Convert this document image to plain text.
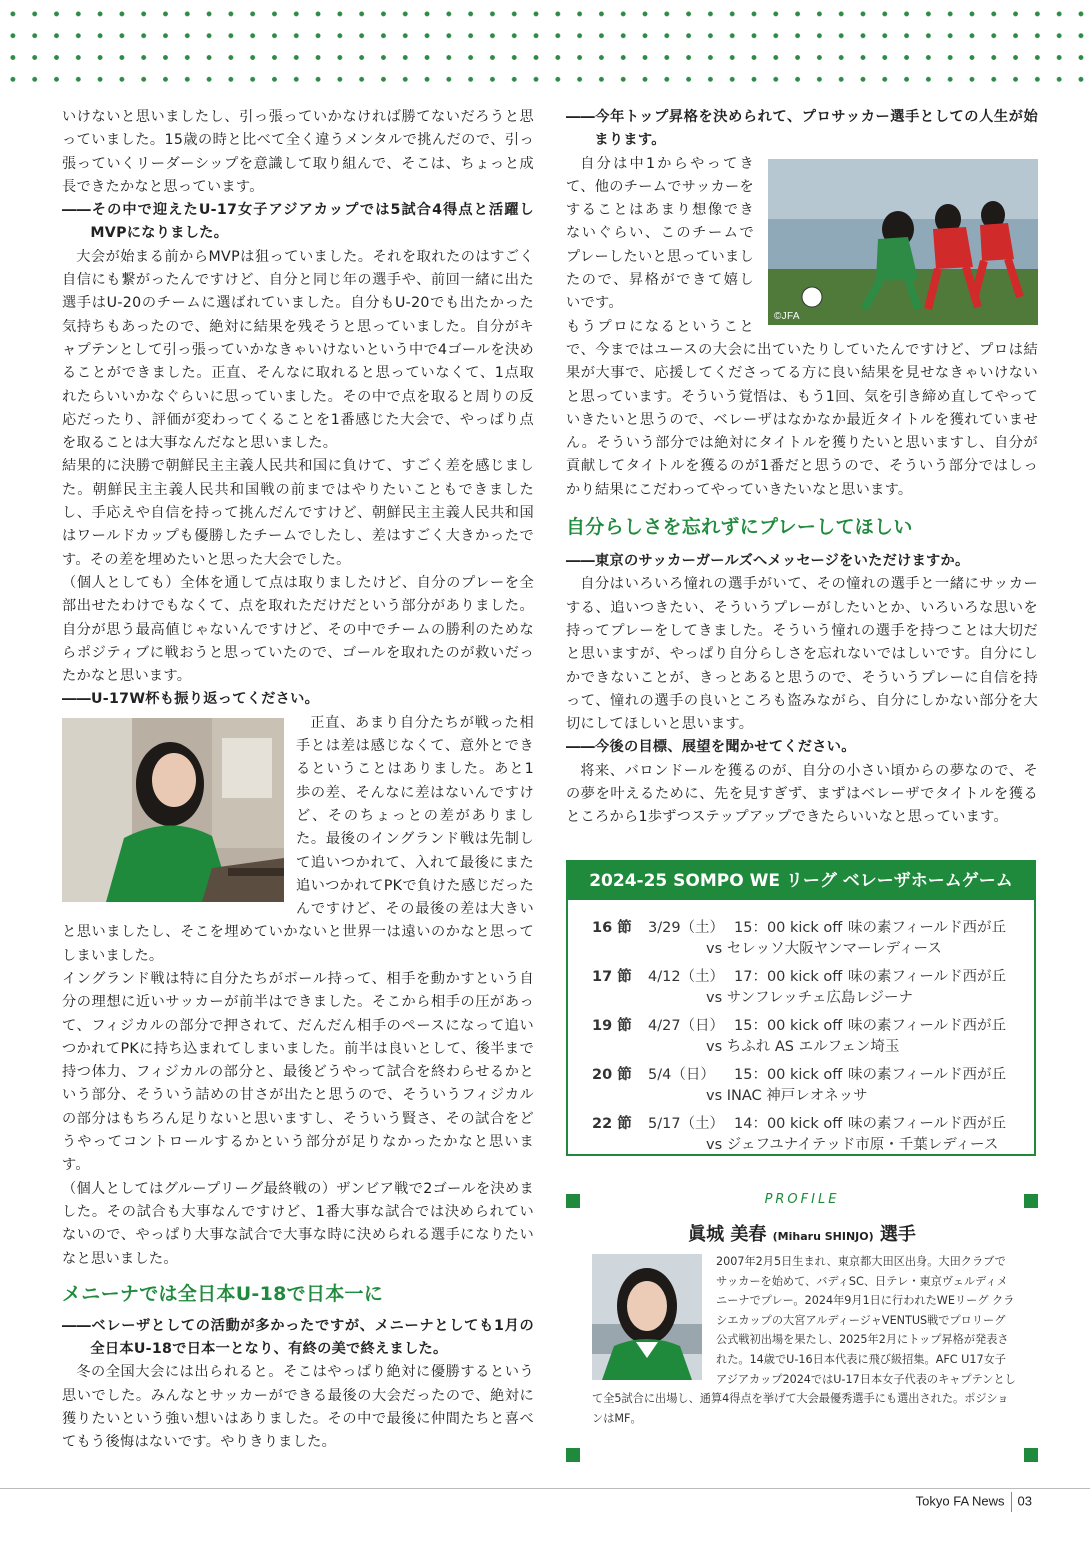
いけないと思いましたし、引っ張っていかなければ勝てないだろうと思っていました。15歳の時と比べて全く違うメンタルで挑んだので、引っ張っていくリーダーシップを意識して取り組んで、そこは、ちょっと成長できたかなと思っています。

――その中で迎えたU-17女子アジアカップでは5試合4得点と活躍しMVPになりました。

大会が始まる前からMVPは狙っていました。それを取れたのはすごく自信にも繋がったんですけど、自分と同じ年の選手や、前回一緒に出た選手はU-20のチームに選ばれていました。自分もU-20でも出たかった気持ちもあったので、絶対に結果を残そうと思っていました。自分がキャプテンとして引っ張っていかなきゃいけないという中で4ゴールを決めることができました。正直、そんなに取れると思っていなくて、1点取れたらいいかなぐらいに思っていました。その中で点を取ると周りの反応だったり、評価が変わってくることを1番感じた大会で、やっぱり点を取ることは大事なんだなと思いました。

結果的に決勝で朝鮮民主主義人民共和国に負けて、すごく差を感じました。朝鮮民主主義人民共和国戦の前まではやりたいこともできましたし、手応えや自信を持って挑んだんですけど、朝鮮民主主義人民共和国はワールドカップも優勝したチームでしたし、差はすごく大きかったです。その差を埋めたいと思った大会でした。

（個人としても）全体を通して点は取りましたけど、自分のプレーを全部出せたわけでもなくて、点を取れただけだという部分がありました。自分が思う最高値じゃないんですけど、その中でチームの勝利のためならポジティブに戦おうと思っていたので、ゴールを取れたのが救いだったかなと思います。

――U-17W杯も振り返ってください。

正直、あまり自分たちが戦った相手とは差は感じなくて、意外とできるということはありました。あと1歩の差、そんなに差はないんですけど、そのちょっとの差がありました。最後のイングランド戦は先制して追いつかれて、入れて最後にまた追いつかれてPKで負けた感じだったんですけど、その最後の差は大きいと思いましたし、そこを埋めていかないと世界一は遠いのかなと思ってしまいました。

イングランド戦は特に自分たちがボール持って、相手を動かすという自分の理想に近いサッカーが前半はできました。そこから相手の圧があって、フィジカルの部分で押されて、だんだん相手のペースになって追いつかれてPKに持ち込まれてしまいました。前半は良いとして、後半まで持つ体力、フィジカルの部分と、最後どうやって試合を終わらせるかという部分、そういう詰めの甘さが出たと思うので、そういうフィジカルの部分はもちろん足りないと思いますし、そういう賢さ、その試合をどうやってコントロールするかという部分が足りなかったかなと思います。

（個人としてはグループリーグ最終戦の）ザンビア戦で2ゴールを決めました。その試合も大事なんですけど、1番大事な試合では決められていないので、やっぱり大事な試合で大事な時に決められる選手になりたいなと思いました。

メニーナでは全日本U-18で日本一に

――ベレーザとしての活動が多かったですが、メニーナとしても1月の全日本U-18で日本一となり、有終の美で終えました。

冬の全国大会には出られると。そこはやっぱり絶対に優勝するという思いでした。みんなとサッカーができる最後の大会だったので、絶対に獲りたいという強い想いはありました。その中で最後に仲間たちと喜べてもう後悔はないです。やりきりました。

――今年トップ昇格を決められて、プロサッカー選手としての人生が始まります。

©JFA

自分は中1からやってきて、他のチームでサッカーをすることはあまり想像できないぐらい、このチームでプレーしたいと思っていましたので、昇格ができて嬉しいです。

もうプロになるということで、今まではユースの大会に出ていたりしていたんですけど、プロは結果が大事で、応援してくださってる方に良い結果を見せなきゃいけないと思っています。そういう覚悟は、もう1回、気を引き締め直してやっていきたいと思うので、ベレーザはなかなか最近タイトルを獲れていません。そういう部分では絶対にタイトルを獲りたいと思いますし、自分が貢献してタイトルを獲るのが1番だと思うので、そういう部分ではしっかり結果にこだわってやっていきたいなと思います。

自分らしさを忘れずにプレーしてほしい

――東京のサッカーガールズへメッセージをいただけますか。

自分はいろいろ憧れの選手がいて、その憧れの選手と一緒にサッカーする、追いつきたい、そういうプレーがしたいとか、いろいろな思いを持ってプレーをしてきました。そういう憧れの選手を持つことは大切だと思いますが、やっぱり自分らしさを忘れないではしいです。自分にしかできないことが、きっとあると思うので、そういうプレーに自信を持って、憧れの選手の良いところも盗みながら、自分にしかない部分を大切にしてほしいと思います。

――今後の目標、展望を聞かせてください。

将来、バロンドールを獲るのが、自分の小さい頃からの夢なので、その夢を叶えるために、先を見すぎず、まずはベレーザでタイトルを獲るところから1歩ずつステップアップできたらいいなと思っています。

2024-25 SOMPO WE リーグ ベレーザホームゲーム
16 節 3/29（土） 15：00 kick off 味の素フィールド西が丘
vs セレッソ大阪ヤンマーレディース
17 節 4/12（土） 17：00 kick off 味の素フィールド西が丘
vs サンフレッチェ広島レジーナ
19 節 4/27（日） 15：00 kick off 味の素フィールド西が丘
vs ちふれ AS エルフェン埼玉
20 節 5/4（日） 15：00 kick off 味の素フィールド西が丘
vs INAC 神戸レオネッサ
22 節 5/17（土） 14：00 kick off 味の素フィールド西が丘
vs ジェフユナイテッド市原・千葉レディース
PROFILE
眞城 美春 (Miharu SHINJO) 選手

2007年2月5日生まれ、東京都大田区出身。大田クラブでサッカーを始めて、バディSC、日テレ・東京ヴェルディメニーナでプレー。2024年9月1日に行われたWEリーグ クラシエカップの大宮アルディージャVENTUS戦でプロリーグ公式戦初出場を果たし、2025年2月にトップ昇格が発表された。14歳でU-16日本代表に飛び級招集。AFC U17女子アジアカップ2024ではU-17日本女子代表のキャプテンとして全5試合に出場し、通算4得点を挙げて大会最優秀選手にも選出された。ポジションはMF。

Tokyo FA News 03
